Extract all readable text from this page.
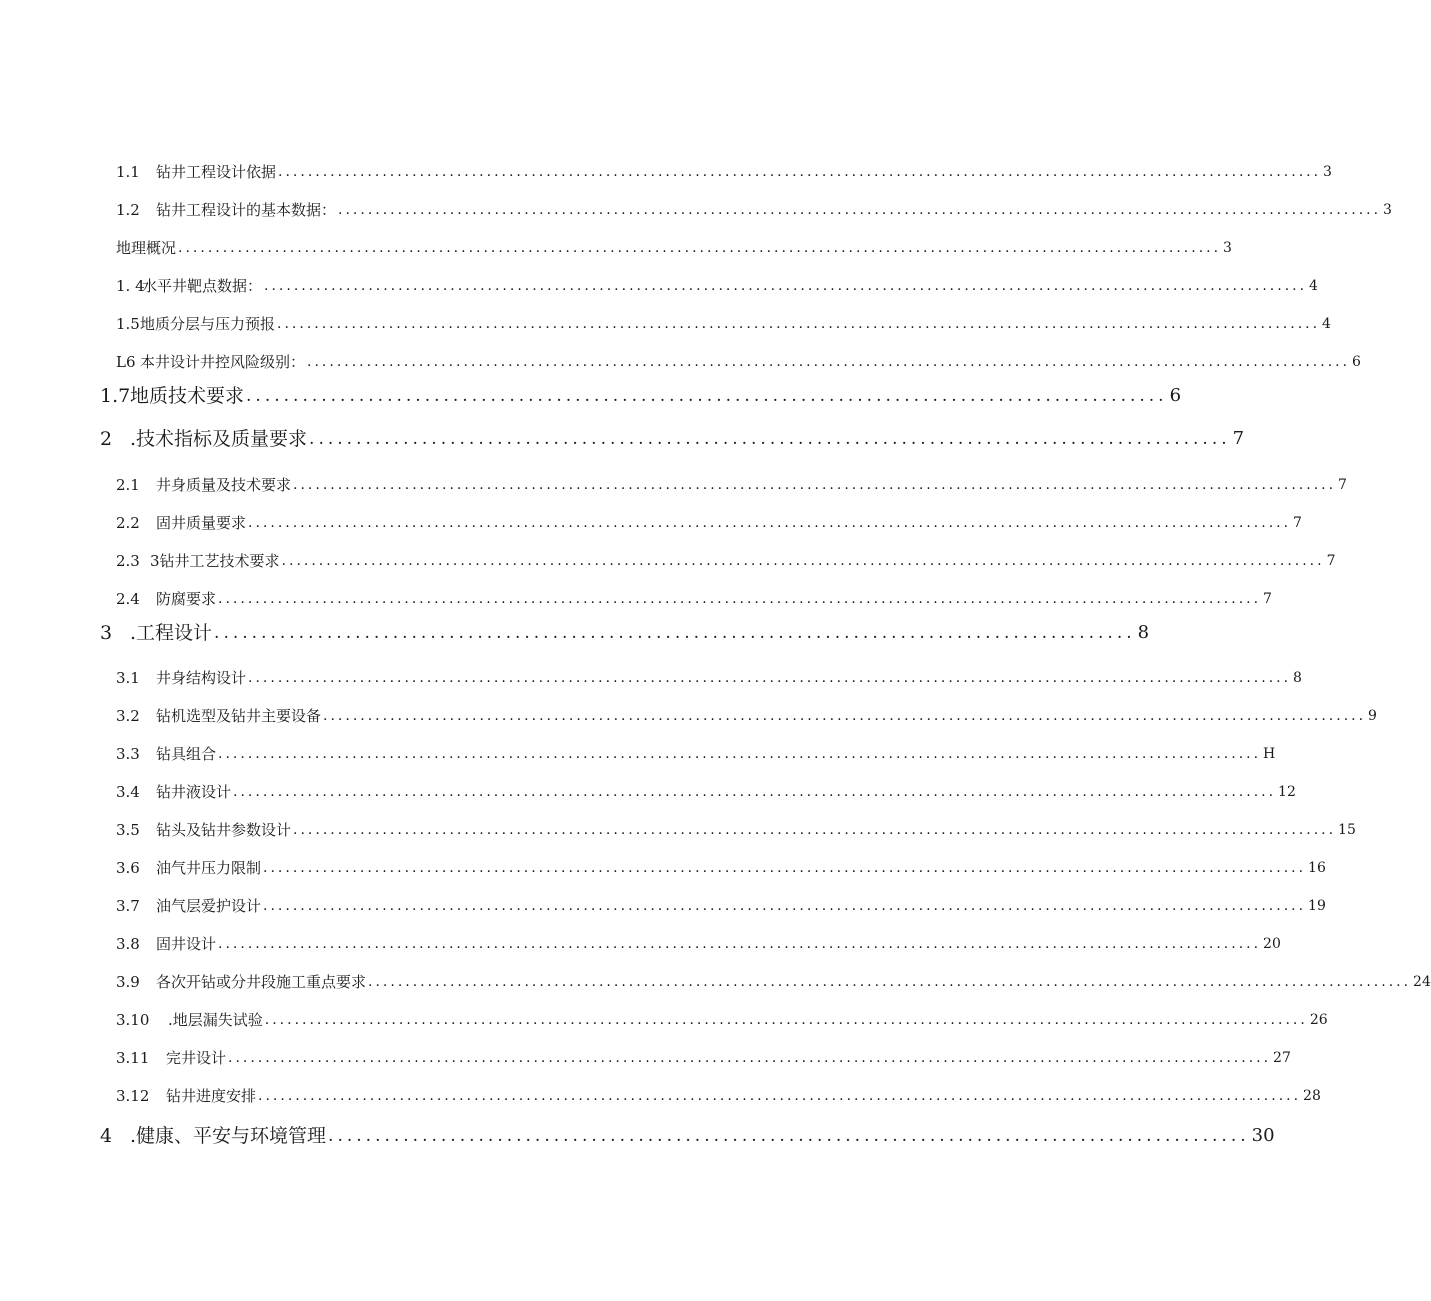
1.1 钻井工程设计依据 ............................................................................................................................................ 3
1.2 钻井工程设计的基本数据： ............................................................................................................................................ 3
地理概况 ............................................................................................................................................ 3
1. 4水平井靶点数据： ............................................................................................................................................ 4
1.5地质分层与压力预报 ............................................................................................................................................ 4
L6 本井设计井控风险级别： ............................................................................................................................................ 6
1.7地质技术要求 .................................................................................................. 6
2 .技术指标及质量要求 .................................................................................................. 7
2.1 井身质量及技术要求 ............................................................................................................................................ 7
2.2 固井质量要求 ............................................................................................................................................ 7
2.3 3钻井工艺技术要求 ............................................................................................................................................ 7
2.4 防腐要求 ............................................................................................................................................ 7
3 .工程设计 .................................................................................................. 8
3.1 井身结构设计 ............................................................................................................................................ 8
3.2 钻机选型及钻井主要设备 ............................................................................................................................................ 9
3.3 钻具组合 ............................................................................................................................................ H
3.4 钻井液设计 ............................................................................................................................................ 12
3.5 钻头及钻井参数设计 ............................................................................................................................................ 15
3.6 油气井压力限制 ............................................................................................................................................ 16
3.7 油气层爱护设计 ............................................................................................................................................ 19
3.8 固井设计 ............................................................................................................................................ 20
3.9 各次开钻或分井段施工重点要求 ............................................................................................................................................ 24
3.10 .地层漏失试验 ............................................................................................................................................ 26
3.11 完井设计 ............................................................................................................................................ 27
3.12 钻井进度安排 ............................................................................................................................................ 28
4 .健康、平安与环境管理 .................................................................................................. 30
